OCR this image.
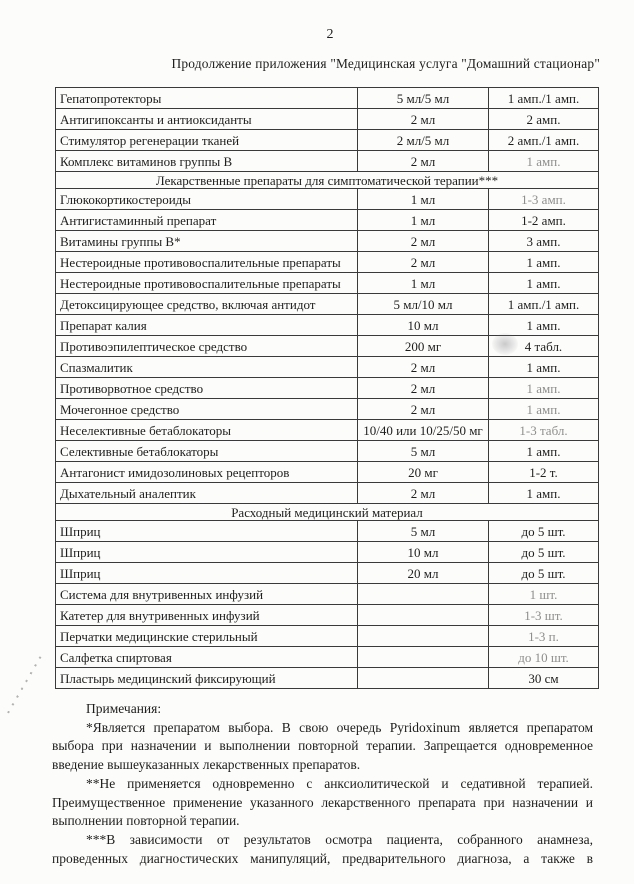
2
Продолжение приложения "Медицинская услуга "Домашний стационар"
Гепатопротекторы	5 мл/5 мл	1 амп./1 амп.
Антигипоксанты и антиоксиданты	2 мл	2 амп.
Стимулятор регенерации тканей	2 мл/5 мл	2 амп./1 амп.
Комплекс витаминов группы В	2 мл	1 амп.
Лекарственные препараты для симптоматической терапии***		
Глюкокортикостероиды	1 мл	1-3 амп.
Антигистаминный препарат	1 мл	1-2 амп.
Витамины группы В*	2 мл	3 амп.
Нестероидные противовоспалительные препараты	2 мл	1 амп.
Нестероидные противовоспалительные препараты	1 мл	1 амп.
Детоксицирующее средство, включая антидот	5 мл/10 мл	1 амп./1 амп.
Препарат калия	10 мл	1 амп.
Противоэпилептическое средство	200 мг	4 табл.
Спазмалитик	2 мл	1 амп.
Противорвотное средство	2 мл	1 амп.
Мочегонное средство	2 мл	1 амп.
Неселективные бетаблокаторы	10/40 или 10/25/50 мг	1-3 табл.
Селективные бетаблокаторы	5 мл	1 амп.
Антагонист имидозолиновых рецепторов	20 мг	1-2 т.
Дыхательный аналептик	2 мл	1 амп.
Расходный медицинский материал		
Шприц	5 мл	до 5 шт.
Шприц	10 мл	до 5 шт.
Шприц	20 мл	до 5 шт.
Система для внутривенных инфузий		1 шт.
Катетер для внутривенных инфузий		1-3 шт.
Перчатки медицинские стерильный		1-3 п.
Салфетка спиртовая		до 10 шт.
Пластырь медицинский фиксирующий		30 см
Примечания:

*Является препаратом выбора. В свою очередь Pyridoxinum является препаратом выбора при назначении и выполнении повторной терапии. Запрещается одновременное введение вышеуказанных лекарственных препаратов.

**Не применяется одновременно с анксиолитической и седативной терапией. Преимущественное применение указанного лекарственного препарата при назначении и выполнении повторной терапии.

***В зависимости от результатов осмотра пациента, собранного анамнеза, проведенных диагностических манипуляций, предварительного диагноза, а также в
